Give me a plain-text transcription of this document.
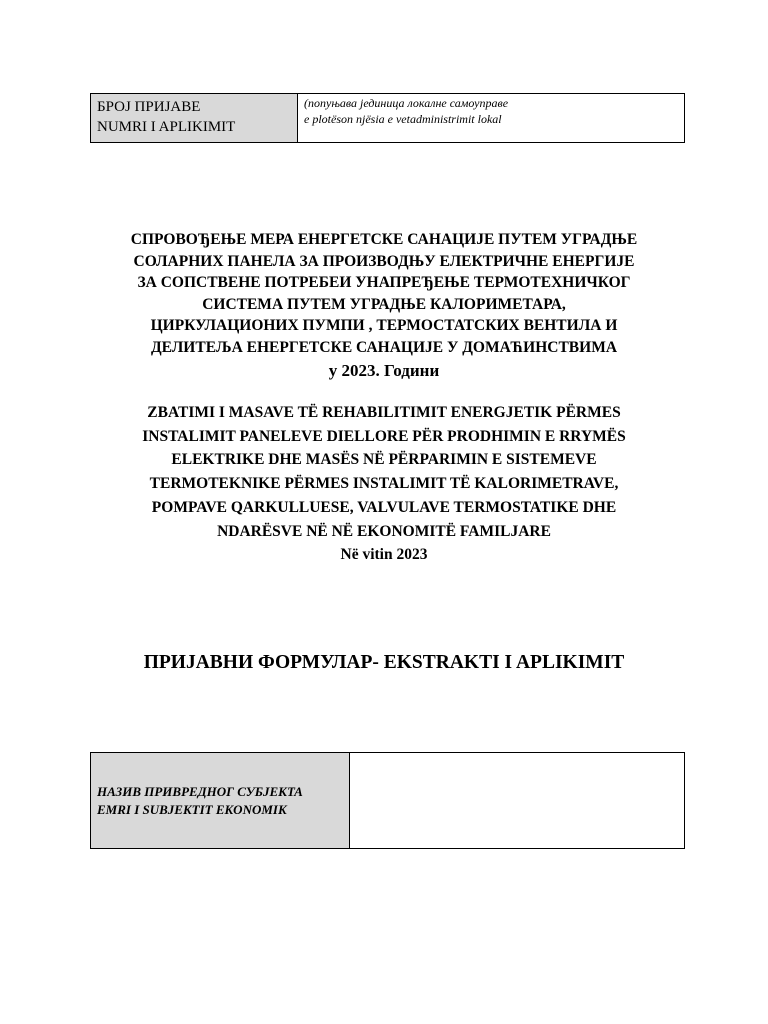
БРОЈ ПРИЈАВЕ
NUMRI I APLIKIMIT

(попуњава јединица локалне самоуправе
e plotëson njësia e vetadministrimit lokal
СПРОВОЂЕЊЕ МЕРА ЕНЕРГЕТСКЕ САНАЦИЈЕ ПУТЕМ УГРАДЊЕ
СОЛАРНИХ ПАНЕЛА ЗА ПРОИЗВОДЊУ ЕЛЕКТРИЧНЕ ЕНЕРГИЈЕ
ЗА СОПСТВЕНЕ ПОТРЕБЕИ УНАПРЕЂЕЊЕ ТЕРМОТЕХНИЧКОГ
СИСТЕМА ПУТЕМ УГРАДЊЕ КАЛОРИМЕТАРА,
ЦИРКУЛАЦИОНИХ ПУМПИ , ТЕРМОСТАТСКИХ ВЕНТИЛА И
ДЕЛИТЕЉА ЕНЕРГЕТСКЕ САНАЦИЈЕ У ДОМАЋИНСТВИМА
у 2023. Години
ZBATIMI I MASAVE TË REHABILITIMIT ENERGJETIK PËRMES
INSTALIMIT PANELEVE DIELLORE PËR PRODHIMIN E RRYMËS
ELEKTRIKE DHE MASËS NË PËRPARIMIN E SISTEMEVE
TERMOTEKNIKE PËRMES INSTALIMIT TË KALORIMETRAVE,
POMPAVE QARKULLUESE, VALVULAVE TERMOSTATIKE DHE
NDARËSVE NË NË EKONOMITË FAMILJARE
Në vitin 2023
ПРИЈАВНИ ФОРМУЛАР- EKSTRAKTI I APLIKIMIT
НАЗИВ ПРИВРЕДНОГ СУБЈЕКТА
EMRI I SUBJEKTIT EKONOMIK
